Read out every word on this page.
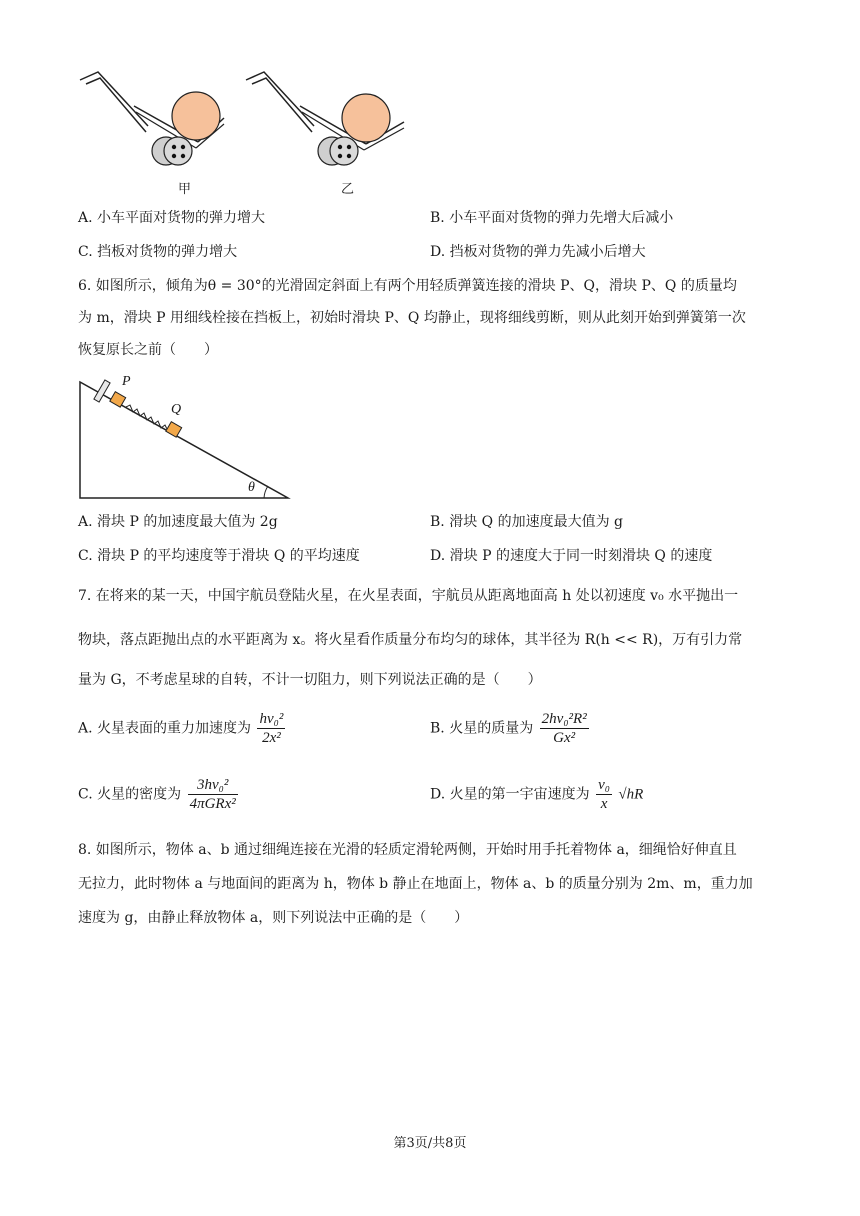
甲	乙
A. 小车平面对货物的弹力增大	B. 小车平面对货物的弹力先增大后减小
C. 挡板对货物的弹力增大	D. 挡板对货物的弹力先减小后增大
6. 如图所示，倾角为θ = 30°的光滑固定斜面上有两个用轻质弹簧连接的滑块 P、Q，滑块 P、Q 的质量均
为 m，滑块 P 用细线栓接在挡板上，初始时滑块 P、Q 均静止，现将细线剪断，则从此刻开始到弹簧第一次
恢复原长之前（　　）
P
Q
θ
A. 滑块 P 的加速度最大值为 2g	B. 滑块 Q 的加速度最大值为 g
C. 滑块 P 的平均速度等于滑块 Q 的平均速度	D. 滑块 P 的速度大于同一时刻滑块 Q 的速度
7. 在将来的某一天，中国宇航员登陆火星，在火星表面，宇航员从距离地面高 h 处以初速度 v₀ 水平抛出一
物块，落点距抛出点的水平距离为 x。将火星看作质量分布均匀的球体，其半径为 R(h << R)，万有引力常
量为 G，不考虑星球的自转，不计一切阻力，则下列说法正确的是（　　）
A. 火星表面的重力加速度为 $\frac{\text{hv₀²}}{\text{2x²}}$	B. 火星的质量为 $\frac{\text{2hv₀²R²}}{\text{Gx²}}$
C. 火星的密度为 $\frac{\text{3hv₀²}}{\text{4πGRx²}}$	D. 火星的第一宇宙速度为 $\frac{\text{v₀}}{x} √hR$
8. 如图所示，物体 a、b 通过细绳连接在光滑的轻质定滑轮两侧，开始时用手托着物体 a，细绳恰好伸直且
无拉力，此时物体 a 与地面间的距离为 h，物体 b 静止在地面上，物体 a、b 的质量分别为 2m、m，重力加
速度为 g，由静止释放物体 a，则下列说法中正确的是（　　）
第3页/共8页
